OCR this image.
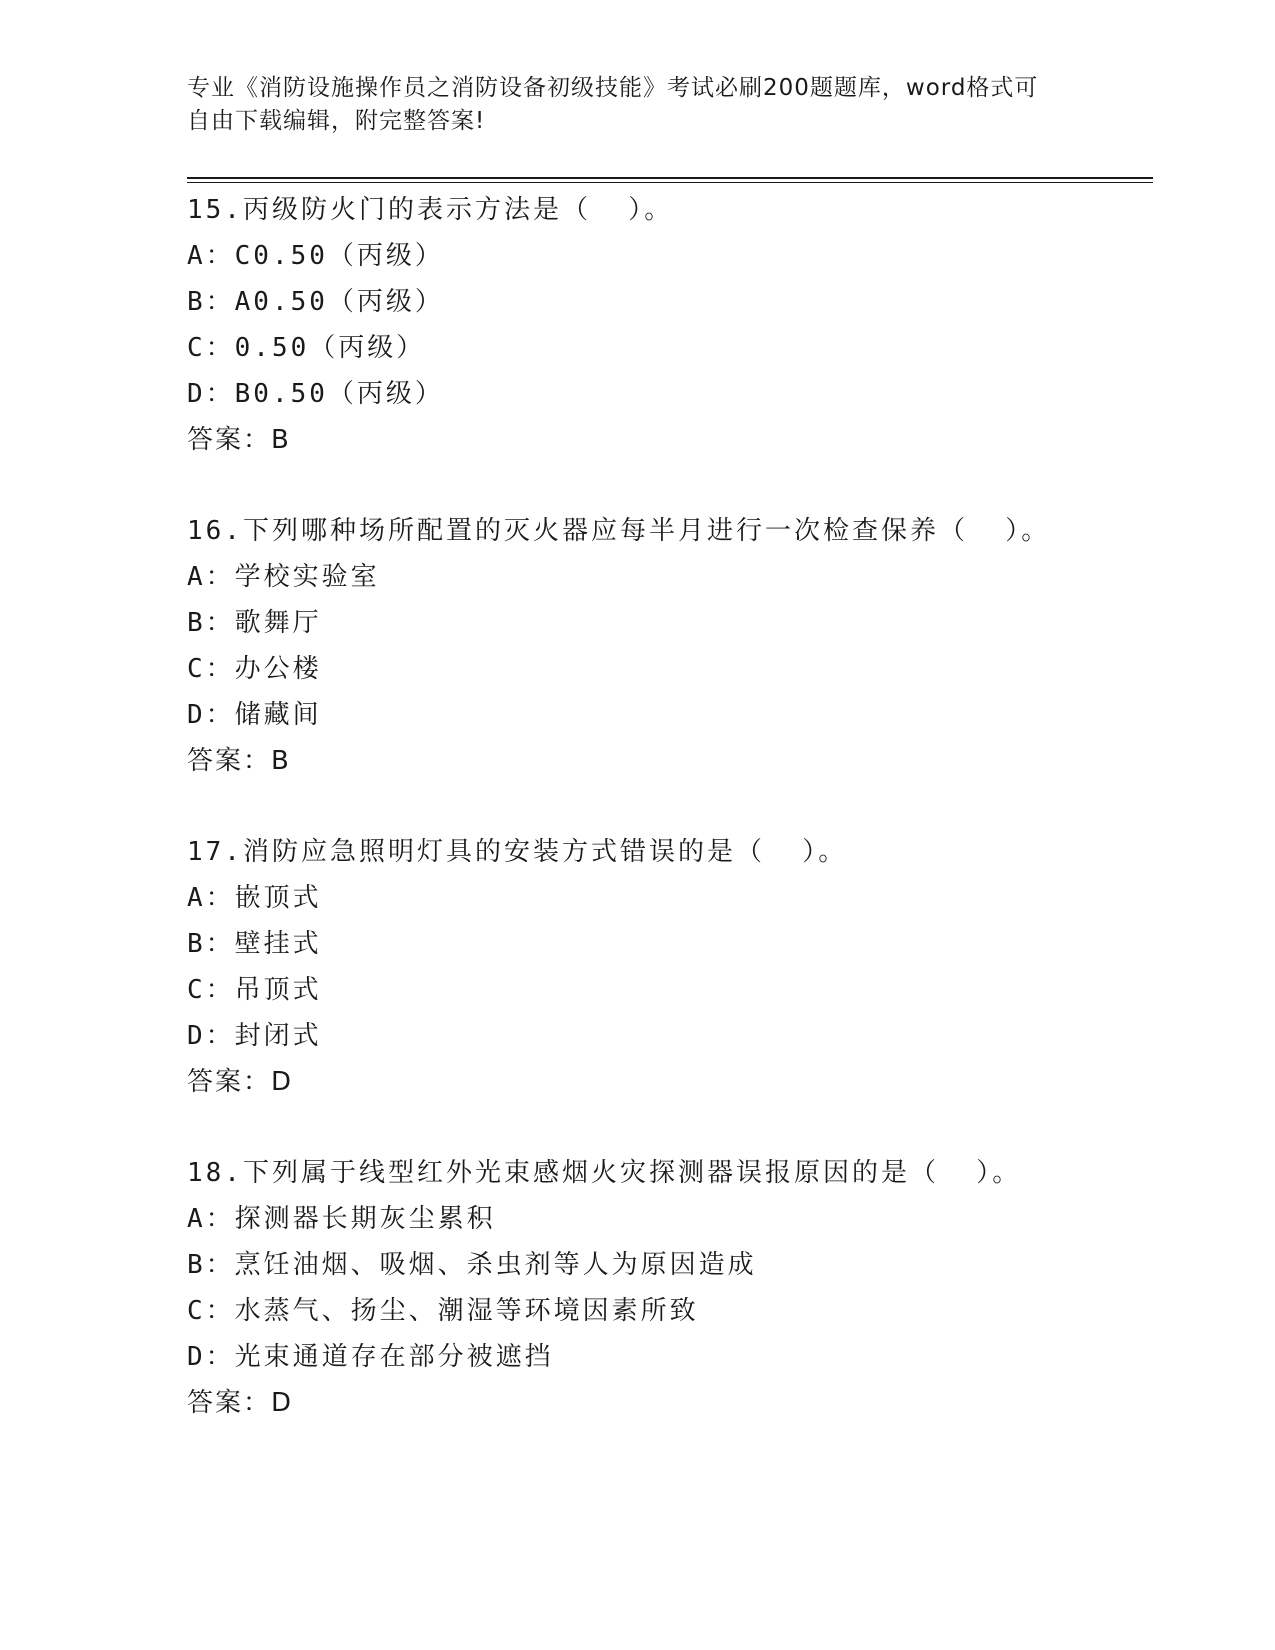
专业《消防设施操作员之消防设备初级技能》考试必刷200题题库，word格式可
自由下载编辑，附完整答案!
15.丙级防火门的表示方法是（  ）。
A：C0.50（丙级）
B：A0.50（丙级）
C：0.50（丙级）
D：B0.50（丙级）
答案：B
16.下列哪种场所配置的灭火器应每半月进行一次检查保养（  ）。
A：学校实验室
B：歌舞厅
C：办公楼
D：储藏间
答案：B
17.消防应急照明灯具的安装方式错误的是（  ）。
A：嵌顶式
B：壁挂式
C：吊顶式
D：封闭式
答案：D
18.下列属于线型红外光束感烟火灾探测器误报原因的是（  ）。
A：探测器长期灰尘累积
B：烹饪油烟、吸烟、杀虫剂等人为原因造成
C：水蒸气、扬尘、潮湿等环境因素所致
D：光束通道存在部分被遮挡
答案：D
